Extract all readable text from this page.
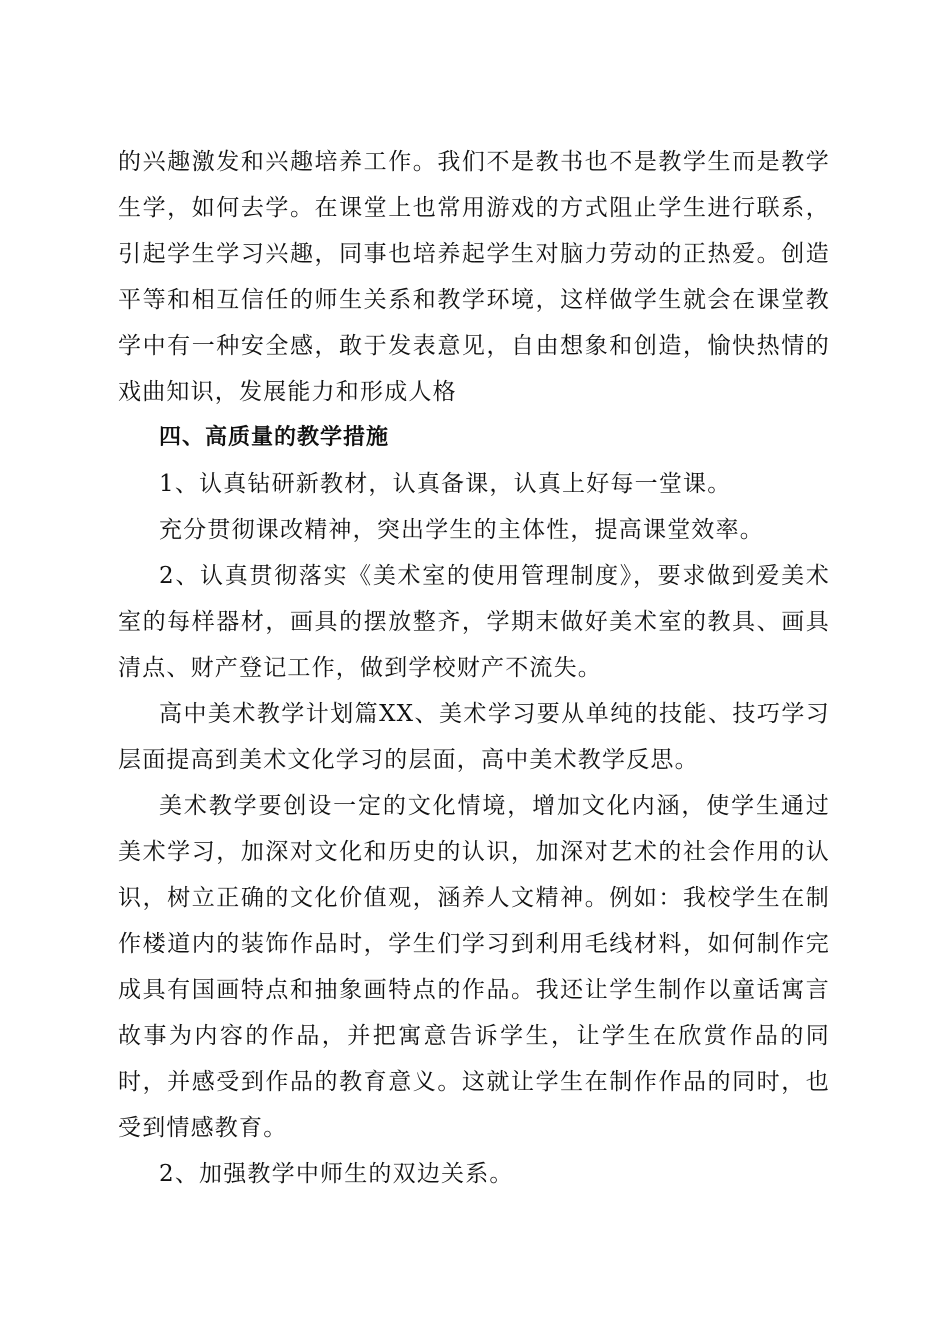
的兴趣激发和兴趣培养工作。我们不是教书也不是教学生而是教学生学，如何去学。在课堂上也常用游戏的方式阻止学生进行联系，引起学生学习兴趣，同事也培养起学生对脑力劳动的正热爱。创造平等和相互信任的师生关系和教学环境，这样做学生就会在课堂教学中有一种安全感，敢于发表意见，自由想象和创造，愉快热情的戏曲知识，发展能力和形成人格

四、高质量的教学措施

1、认真钻研新教材，认真备课，认真上好每一堂课。

充分贯彻课改精神，突出学生的主体性，提高课堂效率。

2、认真贯彻落实《美术室的使用管理制度》，要求做到爱美术室的每样器材，画具的摆放整齐，学期末做好美术室的教具、画具清点、财产登记工作，做到学校财产不流失。

高中美术教学计划篇XX、美术学习要从单纯的技能、技巧学习层面提高到美术文化学习的层面，高中美术教学反思。

美术教学要创设一定的文化情境，增加文化内涵，使学生通过美术学习，加深对文化和历史的认识，加深对艺术的社会作用的认识，树立正确的文化价值观，涵养人文精神。例如：我校学生在制作楼道内的装饰作品时，学生们学习到利用毛线材料，如何制作完成具有国画特点和抽象画特点的作品。我还让学生制作以童话寓言故事为内容的作品，并把寓意告诉学生，让学生在欣赏作品的同时，并感受到作品的教育意义。这就让学生在制作作品的同时，也受到情感教育。

2、加强教学中师生的双边关系。
